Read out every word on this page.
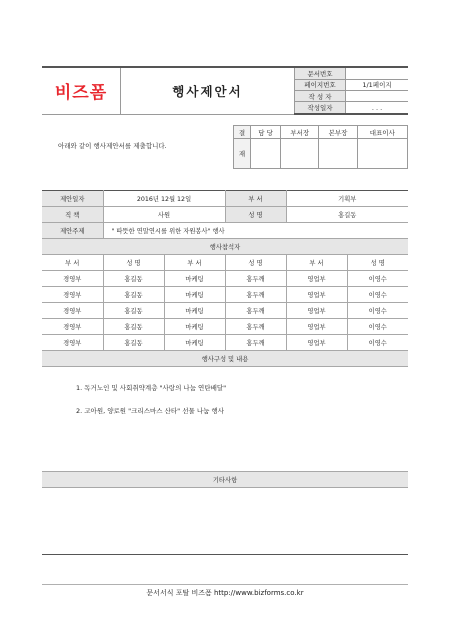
비즈폼	행사제안서	문서번호	
		페이지번호	1/1페이지
		작 성 자	
		작성일자	. . .
아래와 같이 행사제안서를 제출합니다.
결	담 당	부서장	본부장	대표이사
재				
제안일자	2016년 12월 12일		부 서	기획부	
직 책	사원		성 명	홍길동	
제안주제	" 따뜻한 연말연시를 위한 자원봉사" 행사				
행사참석자					
부 서	성 명	부 서	성 명	부 서	성 명
경영부	홍길동	마케팅	홍두깨	영업부	이영수
경영부	홍길동	마케팅	홍두깨	영업부	이영수
경영부	홍길동	마케팅	홍두깨	영업부	이영수
경영부	홍길동	마케팅	홍두깨	영업부	이영수
경영부	홍길동	마케팅	홍두깨	영업부	이영수
행사구성 및 내용					

1. 독거노인 및 사회취약계층 "사랑의 나눔 연탄배달"
2. 고아원, 양로원 "크리스마스 산타" 선물 나눔 행사					

기타사항					

문서서식 포탈 비즈폼 http://www.bizforms.co.kr
